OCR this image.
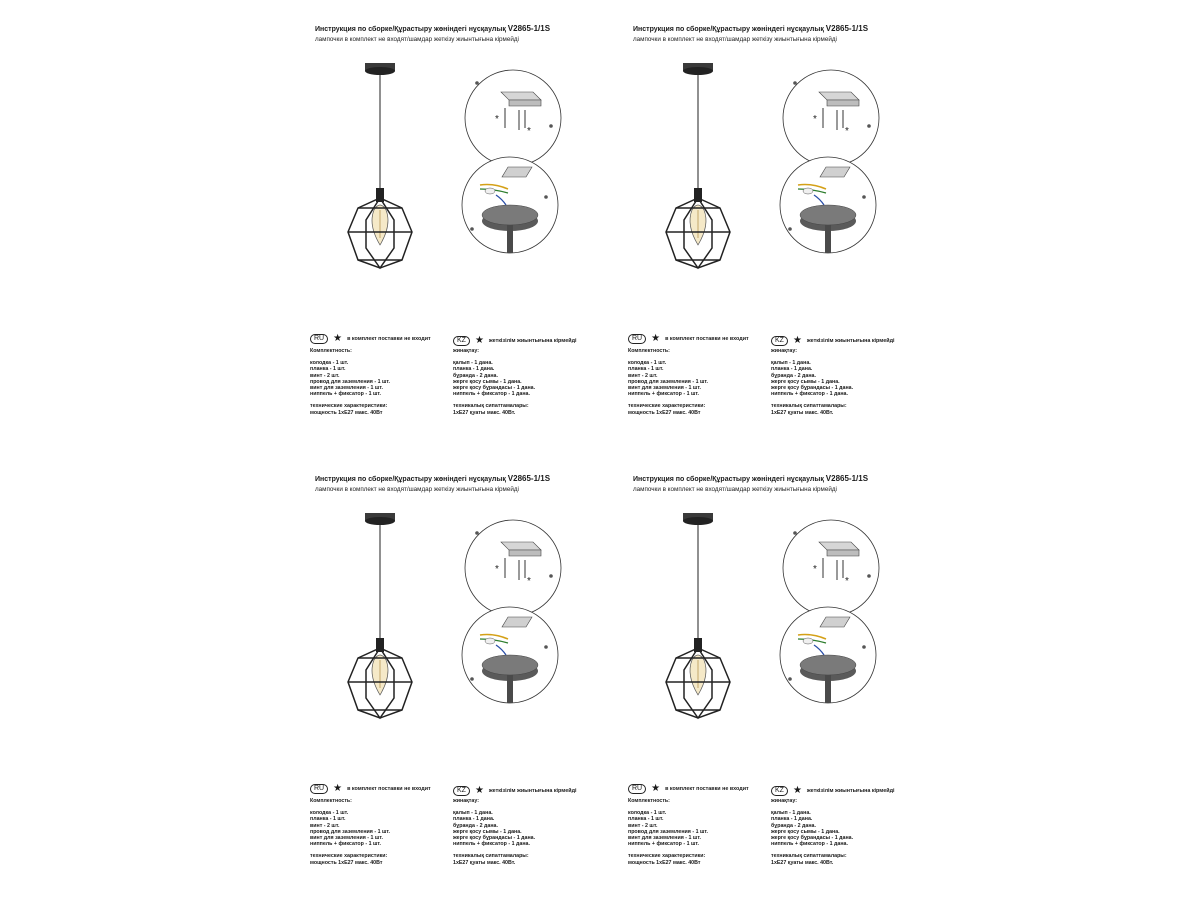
Инструкция по сборке/Құрастыру жөніндегі нұсқаулық V2865-1/1S
лампочки в комплект не входят/шамдар жеткізу жиынтығына кірмейді
*
*
RU ★ в комплект поставки не входит
Комплектность:
колодка - 1 шт.
планка - 1 шт.
винт - 2 шт.
провод для заземления - 1 шт.
винт для заземления - 1 шт.
ниппель + фиксатор - 1 шт.
технические характеристики:
мощность 1xE27 макс. 40Вт
KZ ★ жеткізілім жиынтығына кірмейді
жинақтау:
қалып - 1 дана.
планка - 1 дана.
бұранда - 2 дана.
жерге қосу сымы - 1 дана.
жерге қосу бұрандасы - 1 дана.
ниппель + фиксатор - 1 дана.
техникалық сипаттамалары:
1xE27 қуаты макс. 40Вт.
Инструкция по сборке/Құрастыру жөніндегі нұсқаулық V2865-1/1S
лампочки в комплект не входят/шамдар жеткізу жиынтығына кірмейді
*
*
RU ★ в комплект поставки не входит
Комплектность:
колодка - 1 шт.
планка - 1 шт.
винт - 2 шт.
провод для заземления - 1 шт.
винт для заземления - 1 шт.
ниппель + фиксатор - 1 шт.
технические характеристики:
мощность 1xE27 макс. 40Вт
KZ ★ жеткізілім жиынтығына кірмейді
жинақтау:
қалып - 1 дана.
планка - 1 дана.
бұранда - 2 дана.
жерге қосу сымы - 1 дана.
жерге қосу бұрандасы - 1 дана.
ниппель + фиксатор - 1 дана.
техникалық сипаттамалары:
1xE27 қуаты макс. 40Вт.
Инструкция по сборке/Құрастыру жөніндегі нұсқаулық V2865-1/1S
лампочки в комплект не входят/шамдар жеткізу жиынтығына кірмейді
*
*
RU ★ в комплект поставки не входит
Комплектность:
колодка - 1 шт.
планка - 1 шт.
винт - 2 шт.
провод для заземления - 1 шт.
винт для заземления - 1 шт.
ниппель + фиксатор - 1 шт.
технические характеристики:
мощность 1xE27 макс. 40Вт
KZ ★ жеткізілім жиынтығына кірмейді
жинақтау:
қалып - 1 дана.
планка - 1 дана.
бұранда - 2 дана.
жерге қосу сымы - 1 дана.
жерге қосу бұрандасы - 1 дана.
ниппель + фиксатор - 1 дана.
техникалық сипаттамалары:
1xE27 қуаты макс. 40Вт.
Инструкция по сборке/Құрастыру жөніндегі нұсқаулық V2865-1/1S
лампочки в комплект не входят/шамдар жеткізу жиынтығына кірмейді
*
*
RU ★ в комплект поставки не входит
Комплектность:
колодка - 1 шт.
планка - 1 шт.
винт - 2 шт.
провод для заземления - 1 шт.
винт для заземления - 1 шт.
ниппель + фиксатор - 1 шт.
технические характеристики:
мощность 1xE27 макс. 40Вт
KZ ★ жеткізілім жиынтығына кірмейді
жинақтау:
қалып - 1 дана.
планка - 1 дана.
бұранда - 2 дана.
жерге қосу сымы - 1 дана.
жерге қосу бұрандасы - 1 дана.
ниппель + фиксатор - 1 дана.
техникалық сипаттамалары:
1xE27 қуаты макс. 40Вт.
